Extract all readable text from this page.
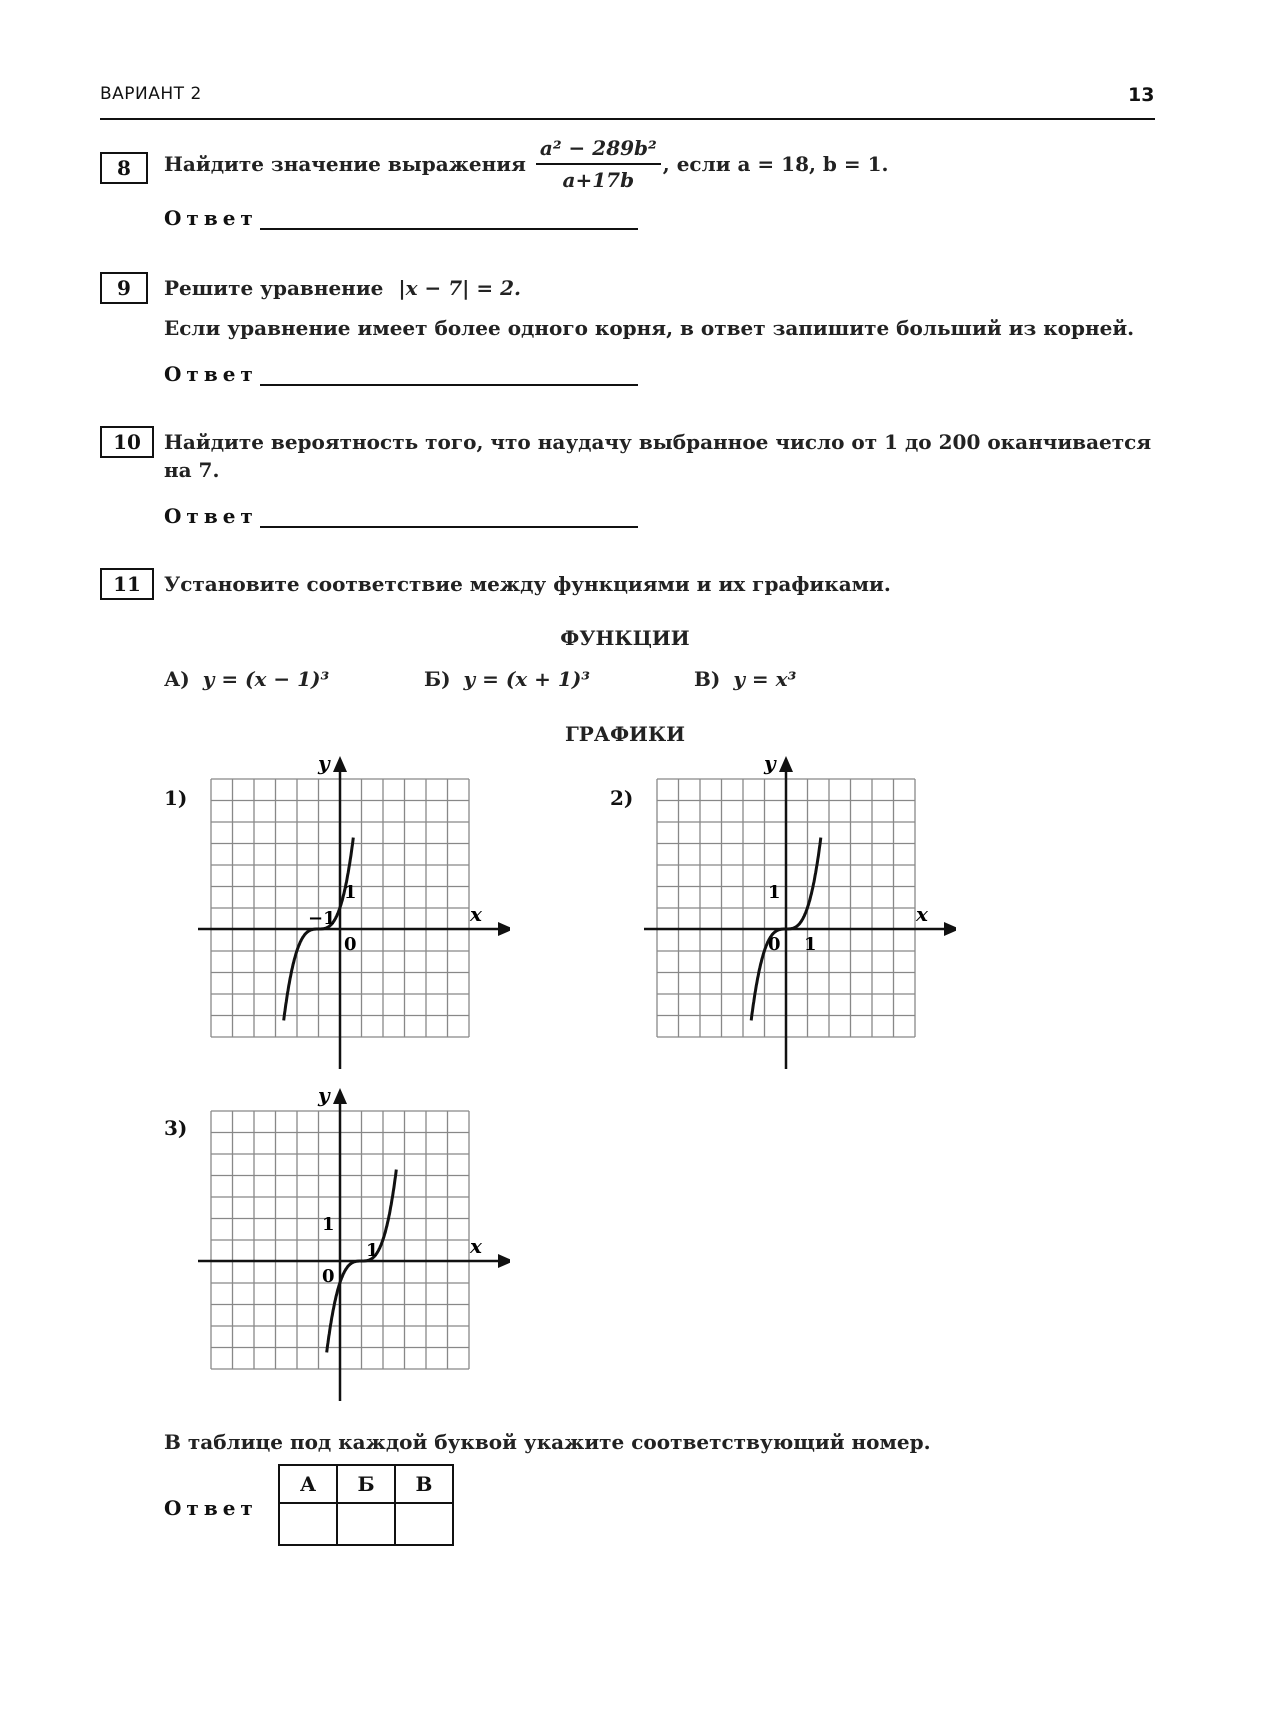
ВАРИАНТ 2	13
8	Найдите значение выражения $\frac{\text{a² − 289b²}}{a+17b}$ , если a = 18, b = 1.
Ответ
9	Решите уравнение |x − 7| = 2.
Если уравнение имеет более одного корня, в ответ запишите больший из корней.
Ответ
10	Найдите вероятность того, что наудачу выбранное число от 1 до 200 оканчивается
на 7.
Ответ
11	Установите соответствие между функциями и их графиками.
ФУНКЦИИ
А) y = (x − 1)³	Б) y = (x + 1)³	В) y = x³
ГРАФИКИ
1)	2)
3)
x
y
1
−1
0
x
y
1
0 1
x
y
1
1
0
В таблице под каждой буквой укажите соответствующий номер.
Ответ
А	Б	В
